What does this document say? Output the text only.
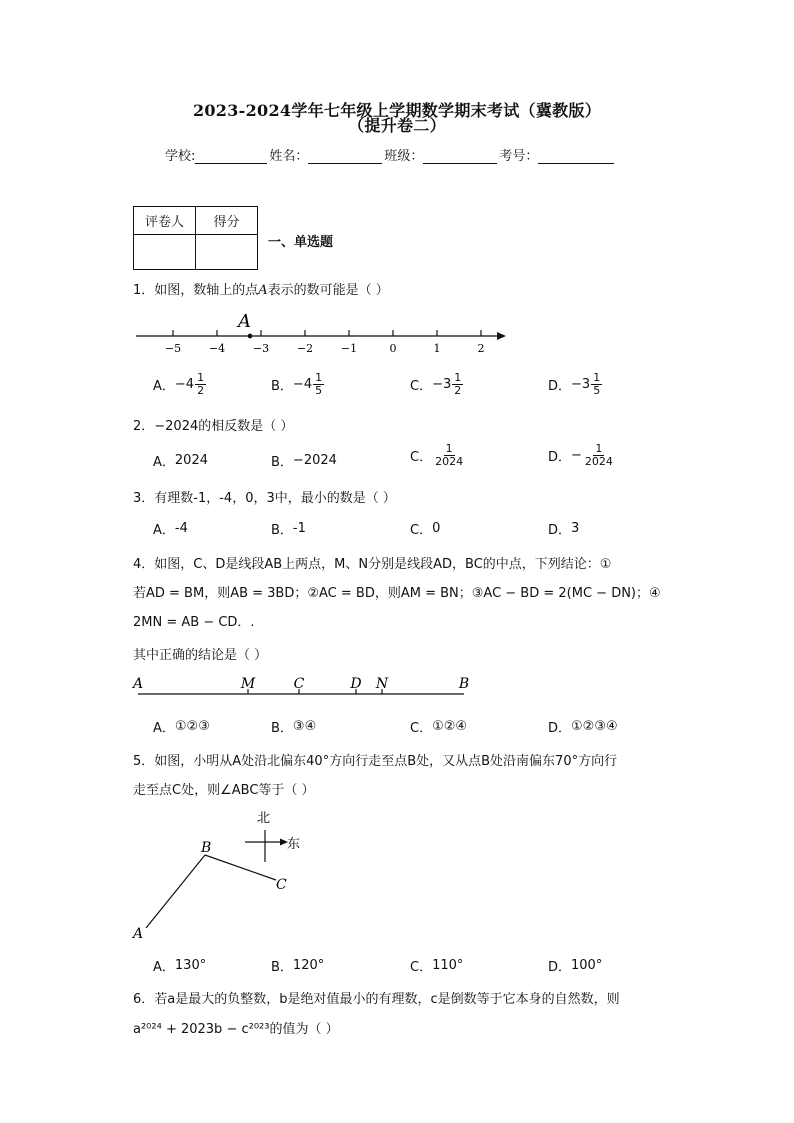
2023-2024学年七年级上学期数学期末考试（冀教版）
（提升卷二）
学校:	姓名：	班级：	考号：
评卷人	得分

一、单选题
1．如图，数轴上的点A表示的数可能是（ ）
−5	−4	−3	−2	−1	0	1	2
A
A	M	C	D N	B
北
东
A
B
C
A． $-4 \frac{1}{2}$	B． $-4 \frac{1}{5}$	C． $-3 \frac{1}{2}$	D． $-3 \frac{1}{5}$
2．−2024的相反数是（ ）
A． 2024	B． −2024	C． $\frac{1}{2024}$	D． − $\frac{1}{2024}$
3．有理数-1，-4，0，3中，最小的数是（ ）
A． -4	B． -1	C． 0	D． 3
4．如图，C、D是线段AB上两点，M、N分别是线段AD，BC的中点，下列结论：①
若AD = BM，则AB = 3BD；②AC = BD，则AM = BN；③AC − BD = 2(MC − DN)；④
2MN = AB − CD．.
其中正确的结论是（ ）
A． ①②③	B． ③④	C． ①②④	D． ①②③④
5．如图，小明从A处沿北偏东40°方向行走至点B处，又从点B处沿南偏东70°方向行
走至点C处，则∠ABC等于（ ）
A． 130°	B． 120°	C． 110°	D． 100°
6．若a是最大的负整数，b是绝对值最小的有理数，c是倒数等于它本身的自然数，则
a²⁰²⁴ + 2023b − c²⁰²³的值为（ ）
